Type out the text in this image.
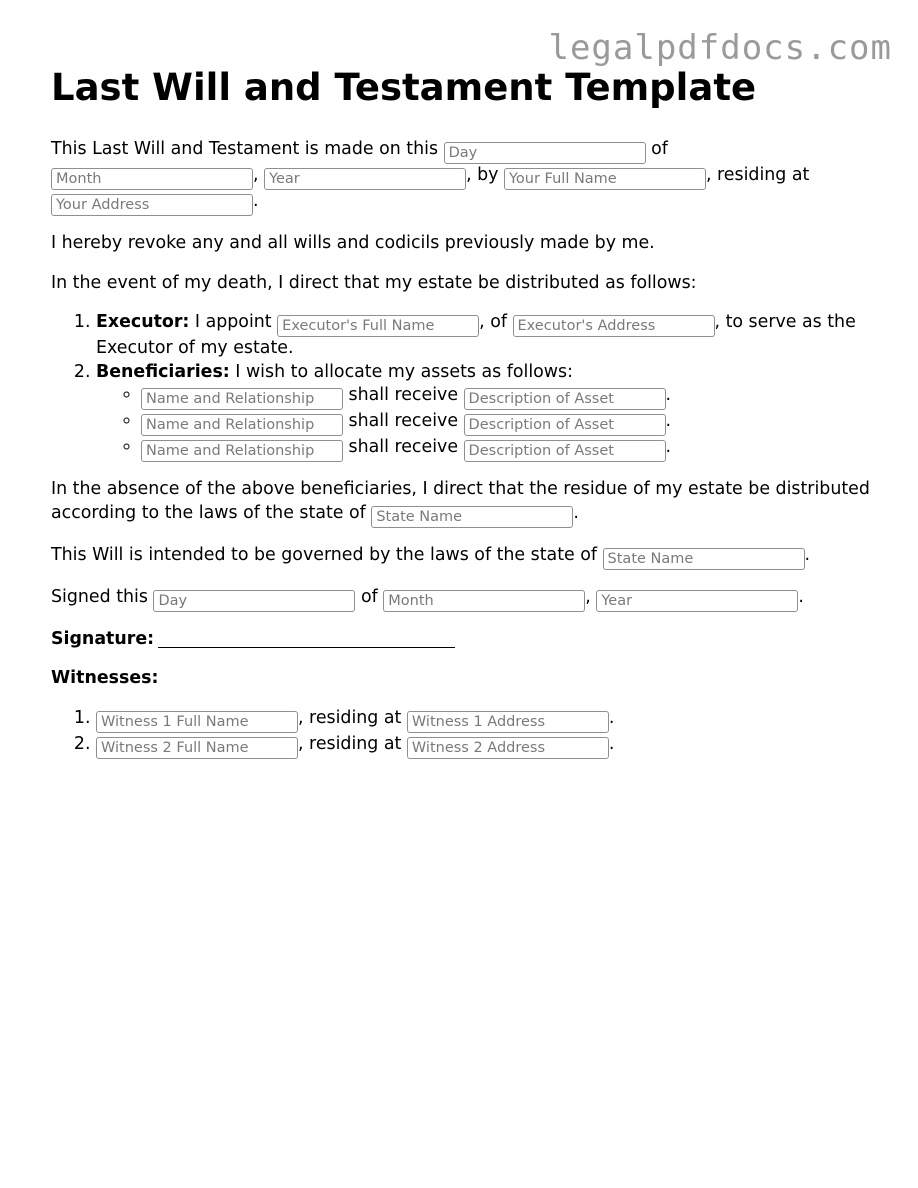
legalpdfdocs.com
Last Will and Testament Template

This Last Will and Testament is made on this Day	of
Month, Year	, by Your Full Name	, residing at
Your Address.

I hereby revoke any and all wills and codicils previously made by me.

In the event of my death, I direct that my estate be distributed as follows:

1. Executor: I appoint Executor's Full Name	, of Executor's Address	, to serve as the Executor of my estate.
2. Beneficiaries: I wish to allocate my assets as follows:
Name and Relationship ◦ shall receive Description of Asset	.
Name and Relationship ◦ shall receive Description of Asset	.
Name and Relationship ◦ shall receive Description of Asset	.

In the absence of the above beneficiaries, I direct that the residue of my estate be distributed according to the laws of the state of State Name	.

This Will is intended to be governed by the laws of the state of State Name	.

Signed this Day	of Month	, Year	.

Signature:

Witnesses:

Witness 1 Full Name 1. , residing at Witness 1 Address	.
Witness 2 Full Name 2. , residing at Witness 2 Address	.
